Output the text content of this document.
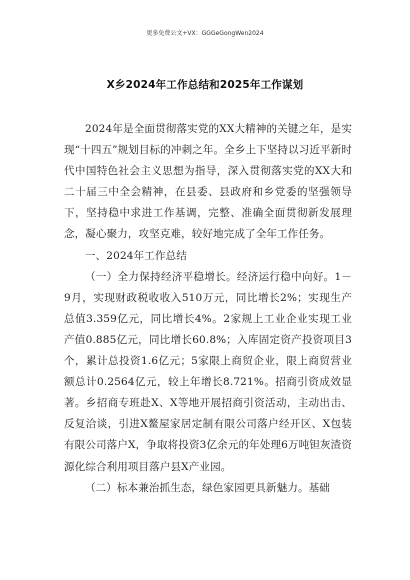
更多免费公文+VX：GGGeGongWen2024
X乡2024年工作总结和2025年工作谋划

2024年是全面贯彻落实党的XX大精神的关键之年，是实现“十四五”规划目标的冲刺之年。全乡上下坚持以习近平新时代中国特色社会主义思想为指导，深入贯彻落实党的XX大和二十届三中全会精神，在县委、县政府和乡党委的坚强领导下，坚持稳中求进工作基调，完整、准确全面贯彻新发展理念，凝心聚力，攻坚克难，较好地完成了全年工作任务。

一、2024年工作总结

（一）全力保持经济平稳增长。经济运行稳中向好。1－9月，实现财政税收收入510万元，同比增长2%；实现生产总值3.359亿元，同比增长4%。2家规上工业企业实现工业产值0.885亿元，同比增长60.8%；入库固定资产投资项目3个，累计总投资1.6亿元；5家限上商贸企业，限上商贸营业额总计0.2564亿元，较上年增长8.721%。招商引资成效显著。乡招商专班赴X、X等地开展招商引资活动，主动出击、反复洽谈，引进X鳌屋家居定制有限公司落户经开区、X包装有限公司落户X，争取将投资3亿余元的年处理6万吨钽灰渣资源化综合利用项目落户县X产业园。

（二）标本兼治抓生态，绿色家园更具新魅力。基础
